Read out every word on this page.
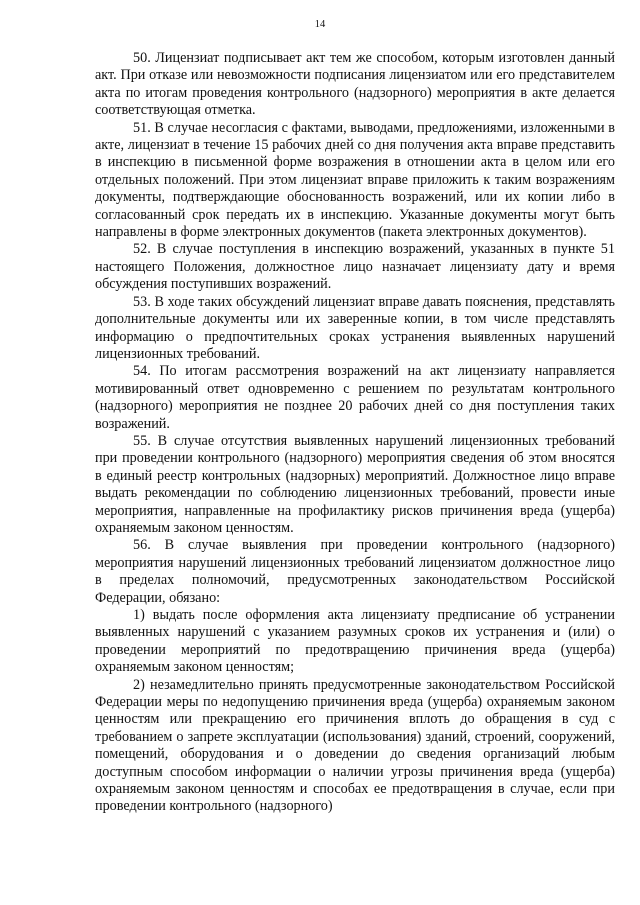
14

50. Лицензиат подписывает акт тем же способом, которым изготовлен данный акт. При отказе или невозможности подписания лицензиатом или его представителем акта по итогам проведения контрольного (надзорного) мероприятия в акте делается соответствующая отметка.

51. В случае несогласия с фактами, выводами, предложениями, изложенными в акте, лицензиат в течение 15 рабочих дней со дня получения акта вправе представить в инспекцию в письменной форме возражения в отношении акта в целом или его отдельных положений. При этом лицензиат вправе приложить к таким возражениям документы, подтверждающие обоснованность возражений, или их копии либо в согласованный срок передать их в инспекцию. Указанные документы могут быть направлены в форме электронных документов (пакета электронных документов).

52. В случае поступления в инспекцию возражений, указанных в пункте 51 настоящего Положения, должностное лицо назначает лицензиату дату и время обсуждения поступивших возражений.

53. В ходе таких обсуждений лицензиат вправе давать пояснения, представлять дополнительные документы или их заверенные копии, в том числе представлять информацию о предпочтительных сроках устранения выявленных нарушений лицензионных требований.

54. По итогам рассмотрения возражений на акт лицензиату направляется мотивированный ответ одновременно с решением по результатам контрольного (надзорного) мероприятия не позднее 20 рабочих дней со дня поступления таких возражений.

55. В случае отсутствия выявленных нарушений лицензионных требований при проведении контрольного (надзорного) мероприятия сведения об этом вносятся в единый реестр контрольных (надзорных) мероприятий. Должностное лицо вправе выдать рекомендации по соблюдению лицензионных требований, провести иные мероприятия, направленные на профилактику рисков причинения вреда (ущерба) охраняемым законом ценностям.

56. В случае выявления при проведении контрольного (надзорного) мероприятия нарушений лицензионных требований лицензиатом должностное лицо в пределах полномочий, предусмотренных законодательством Российской Федерации, обязано:

1) выдать после оформления акта лицензиату предписание об устранении выявленных нарушений с указанием разумных сроков их устранения и (или) о проведении мероприятий по предотвращению причинения вреда (ущерба) охраняемым законом ценностям;

2) незамедлительно принять предусмотренные законодательством Российской Федерации меры по недопущению причинения вреда (ущерба) охраняемым законом ценностям или прекращению его причинения вплоть до обращения в суд с требованием о запрете эксплуатации (использования) зданий, строений, сооружений, помещений, оборудования и о доведении до сведения организаций любым доступным способом информации о наличии угрозы причинения вреда (ущерба) охраняемым законом ценностям и способах ее предотвращения в случае, если при проведении контрольного (надзорного)
